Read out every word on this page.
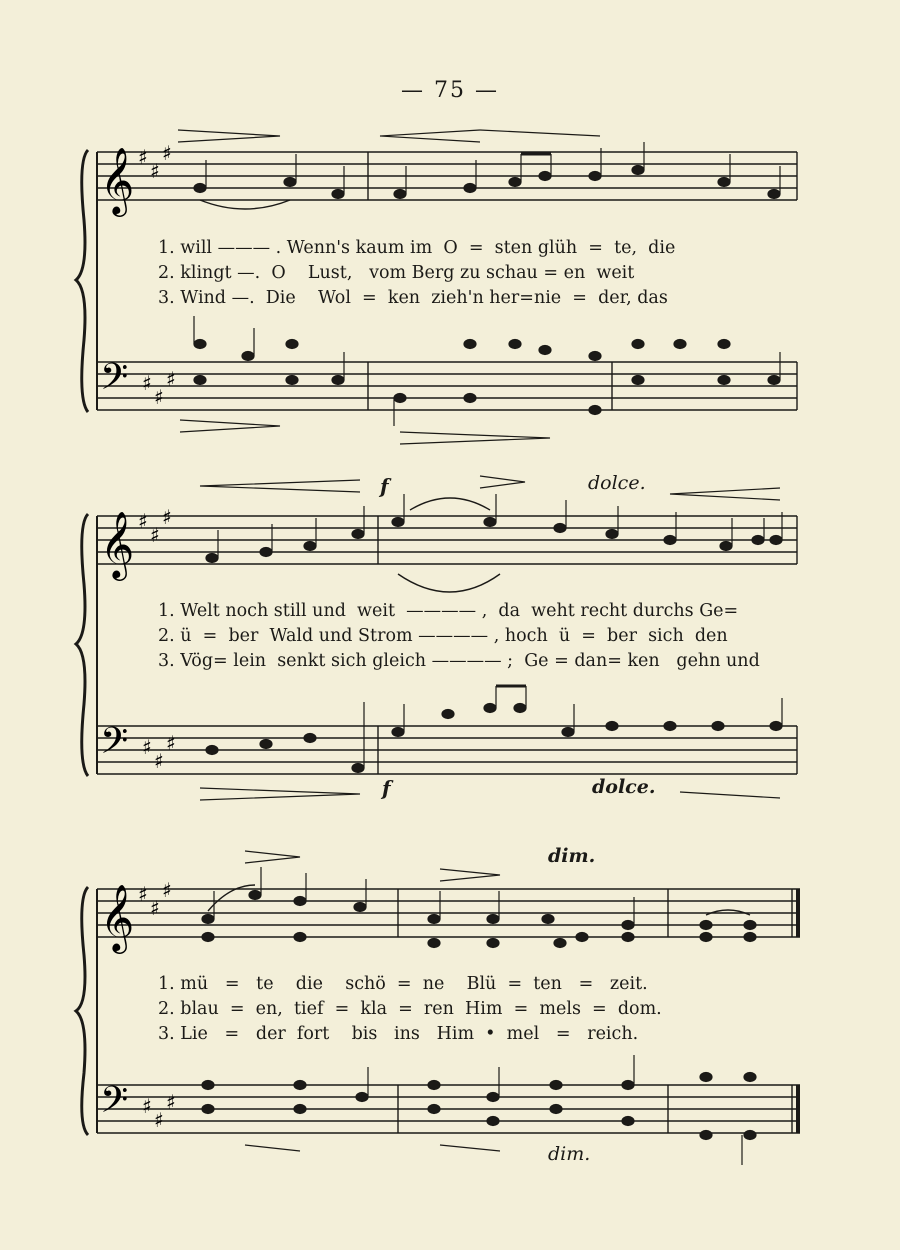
— 75 —
𝄞
𝄢
♯
♯
♯
♯
♯
♯
1. will ——— . Wenn's kaum im  O  =  sten glüh  =  te,  die
2. klingt —.  O    Lust,   vom Berg zu schau = en  weit
3. Wind —.  Die    Wol  =  ken  zieh'n her=nie  =  der, das
𝄞
𝄢
♯
♯
♯
♯
♯
♯
f	dolce.
1. Welt noch still und  weit  ———— ,  da  weht recht durchs Ge=
2. ü  =  ber  Wald und Strom ———— , hoch  ü  =  ber  sich  den
3. Vög= lein  senkt sich gleich ———— ;  Ge = dan= ken   gehn und
f	dolce.
𝄞
𝄢
♯
♯
♯
♯
♯
♯
dim.
1. mü   =   te    die    schö  =  ne    Blü  =  ten   =   zeit.
2. blau  =  en,  tief  =  kla  =  ren  Him  =  mels  =  dom.
3. Lie   =   der  fort    bis   ins   Him  •  mel   =   reich.
dim.
